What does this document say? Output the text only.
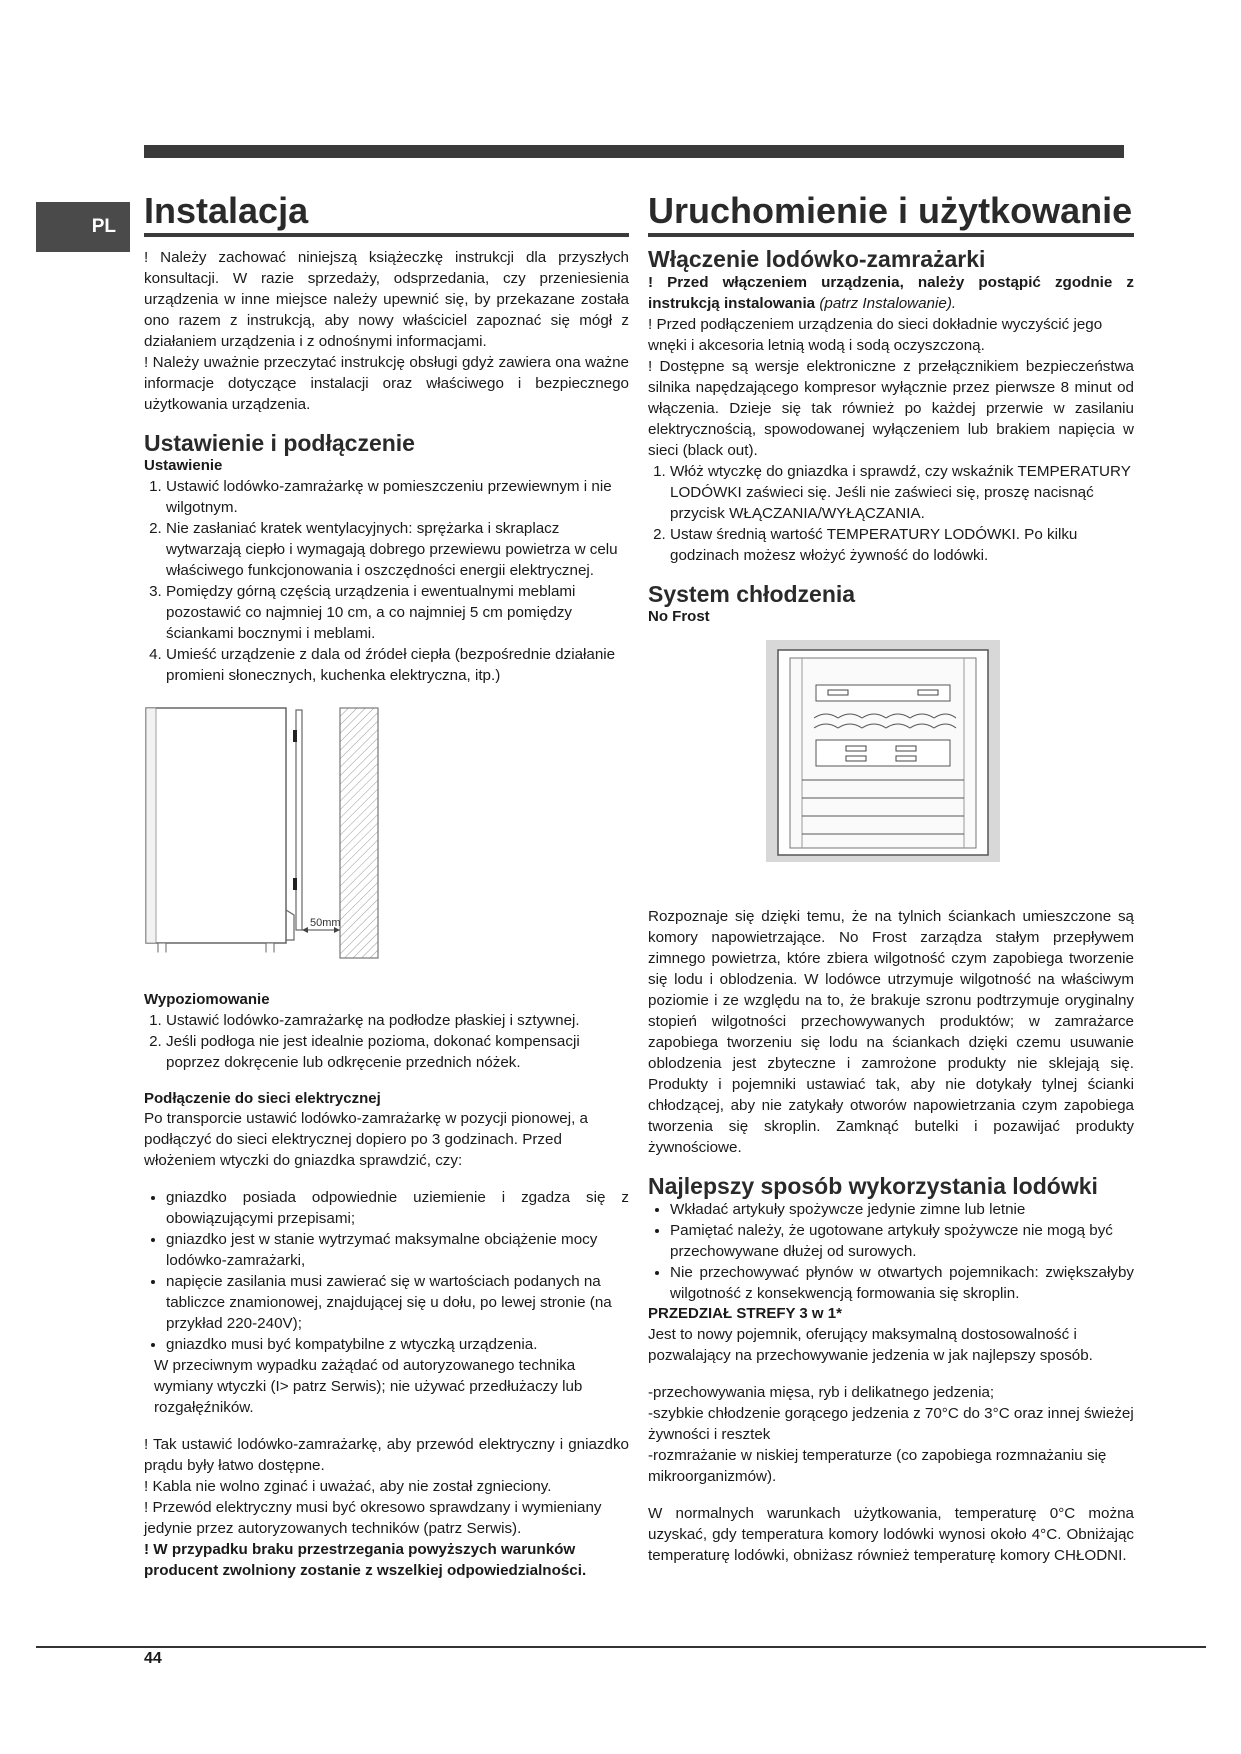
PL Instalacja

! Należy zachować niniejszą książeczkę instrukcji dla przyszłych konsultacji. W razie sprzedaży, odsprzedania, czy przeniesienia urządzenia w inne miejsce należy upewnić się, by przekazane została ono razem z instrukcją, aby nowy właściciel zapoznać się mógł z działaniem urządzenia i z odnośnymi informacjami.

! Należy uważnie przeczytać instrukcję obsługi gdyż zawiera ona ważne informacje dotyczące instalacji oraz właściwego i bezpiecznego użytkowania urządzenia.

Ustawienie i podłączenie
Ustawienie
1. Ustawić lodówko-zamrażarkę w pomieszczeniu przewiewnym i nie wilgotnym.
2. Nie zasłaniać kratek wentylacyjnych: sprężarka i skraplacz wytwarzają ciepło i wymagają dobrego przewiewu powietrza w celu właściwego funkcjonowania i oszczędności energii elektrycznej.
3. Pomiędzy górną częścią urządzenia i ewentualnymi meblami pozostawić co najmniej 10 cm, a co najmniej 5 cm pomiędzy ściankami bocznymi i meblami.
4. Umieść urządzenie z dala od źródeł ciepła (bezpośrednie działanie promieni słonecznych, kuchenka elektryczna, itp.)
50mm
Wypoziomowanie
1. Ustawić lodówko-zamrażarkę na podłodze płaskiej i sztywnej.
2. Jeśli podłoga nie jest idealnie pozioma, dokonać kompensacji poprzez dokręcenie lub odkręcenie przednich nóżek.
Podłączenie do sieci elektrycznej

Po transporcie ustawić lodówko-zamrażarkę w pozycji pionowej, a podłączyć do sieci elektrycznej dopiero po 3 godzinach. Przed włożeniem wtyczki do gniazdka sprawdzić, czy:

• gniazdko posiada odpowiednie uziemienie i zgadza się z obowiązującymi przepisami;
• gniazdko jest w stanie wytrzymać maksymalne obciążenie mocy lodówko-zamrażarki,
• napięcie zasilania musi zawierać się w wartościach podanych na tabliczce znamionowej, znajdującej się u dołu, po lewej stronie (na przykład 220-240V);
• gniazdko musi być kompatybilne z wtyczką urządzenia.

W przeciwnym wypadku zażądać od autoryzowanego technika wymiany wtyczki (I> patrz Serwis); nie używać przedłużaczy lub rozgałęźników.

! Tak ustawić lodówko-zamrażarkę, aby przewód elektryczny i gniazdko prądu były łatwo dostępne.

! Kabla nie wolno zginać i uważać, aby nie został zgnieciony.

! Przewód elektryczny musi być okresowo sprawdzany i wymieniany jedynie przez autoryzowanych techników (patrz Serwis).

! W przypadku braku przestrzegania powyższych warunków producent zwolniony zostanie z wszelkiej odpowiedzialności.

Uruchomienie i użytkowanie
Włączenie lodówko-zamrażarki

! Przed włączeniem urządzenia, należy postąpić zgodnie z instrukcją instalowania (patrz Instalowanie).

! Przed podłączeniem urządzenia do sieci dokładnie wyczyścić jego wnęki i akcesoria letnią wodą i sodą oczyszczoną.

! Dostępne są wersje elektroniczne z przełącznikiem bezpieczeństwa silnika napędzającego kompresor wyłącznie przez pierwsze 8 minut od włączenia. Dzieje się tak również po każdej przerwie w zasilaniu elektrycznością, spowodowanej wyłączeniem lub brakiem napięcia w sieci (black out).

1. Włóż wtyczkę do gniazdka i sprawdź, czy wskaźnik TEMPERATURY LODÓWKI zaświeci się. Jeśli nie zaświeci się, proszę nacisnąć przycisk WŁĄCZANIA/WYŁĄCZANIA.
2. Ustaw średnią wartość TEMPERATURY LODÓWKI. Po kilku godzinach możesz włożyć żywność do lodówki.
System chłodzenia
No Frost

Rozpoznaje się dzięki temu, że na tylnich ściankach umieszczone są komory napowietrzające. No Frost zarządza stałym przepływem zimnego powietrza, które zbiera wilgotność czym zapobiega tworzenie się lodu i oblodzenia. W lodówce utrzymuje wilgotność na właściwym poziomie i ze względu na to, że brakuje szronu podtrzymuje oryginalny stopień wilgotności przechowywanych produktów; w zamrażarce zapobiega tworzeniu się lodu na ściankach dzięki czemu usuwanie oblodzenia jest zbyteczne i zamrożone produkty nie sklejają się. Produkty i pojemniki ustawiać tak, aby nie dotykały tylnej ścianki chłodzącej, aby nie zatykały otworów napowietrzania czym zapobiega tworzenia się skroplin. Zamknąć butelki i pozawijać produkty żywnościowe.

Najlepszy sposób wykorzystania lodówki
• Wkładać artykuły spożywcze jedynie zimne lub letnie
• Pamiętać należy, że ugotowane artykuły spożywcze nie mogą być przechowywane dłużej od surowych.
• Nie przechowywać płynów w otwartych pojemnikach: zwiększałyby wilgotność z konsekwencją formowania się skroplin.
PRZEDZIAŁ STREFY 3 w 1*

Jest to nowy pojemnik, oferujący maksymalną dostosowalność i pozwalający na przechowywanie jedzenia w jak najlepszy sposób.

-przechowywania mięsa, ryb i delikatnego jedzenia;

-szybkie chłodzenie gorącego jedzenia z 70°C do 3°C oraz innej świeżej żywności i resztek

-rozmrażanie w niskiej temperaturze (co zapobiega rozmnażaniu się mikroorganizmów).

W normalnych warunkach użytkowania, temperaturę 0°C można uzyskać, gdy temperatura komory lodówki wynosi około 4°C. Obniżając temperaturę lodówki, obniżasz również temperaturę komory CHŁODNI.

44
